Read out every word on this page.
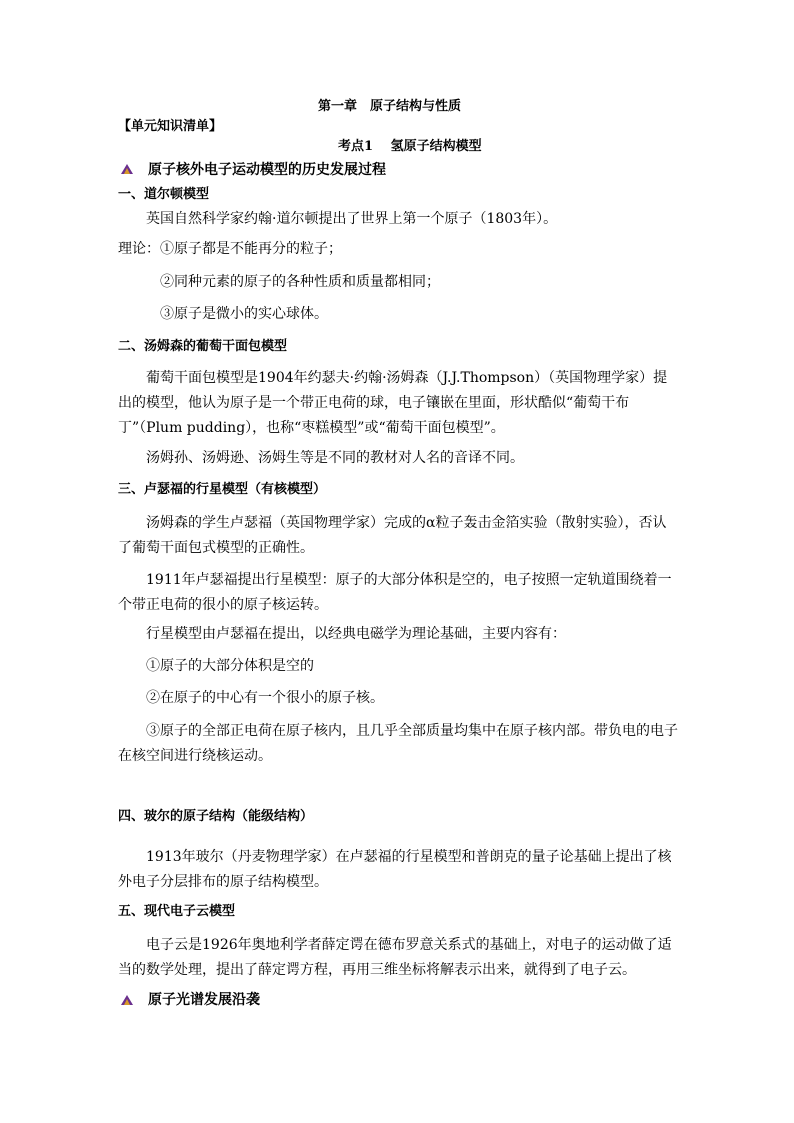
第一章　原子结构与性质
【单元知识清单】
考点1　 氢原子结构模型
原子核外电子运动模型的历史发展过程
一、道尔顿模型
英国自然科学家约翰·道尔顿提出了世界上第一个原子（1803年）。
理论： ①原子都是不能再分的粒子；
②同种元素的原子的各种性质和质量都相同；
③原子是微小的实心球体。
二、汤姆森的葡萄干面包模型
葡萄干面包模型是1904年约瑟夫·约翰·汤姆森（J.J.Thompson）（英国物理学家）提出的模型，他认为原子是一个带正电荷的球，电子镶嵌在里面，形状酷似“葡萄干布丁”（Plum pudding），也称“枣糕模型”或“葡萄干面包模型”。
汤姆孙、汤姆逊、汤姆生等是不同的教材对人名的音译不同。
三、卢瑟福的行星模型（有核模型）
汤姆森的学生卢瑟福（英国物理学家）完成的α粒子轰击金箔实验（散射实验），否认了葡萄干面包式模型的正确性。
1911年卢瑟福提出行星模型：原子的大部分体积是空的，电子按照一定轨道围绕着一个带正电荷的很小的原子核运转。
行星模型由卢瑟福在提出，以经典电磁学为理论基础，主要内容有：
①原子的大部分体积是空的
②在原子的中心有一个很小的原子核。
③原子的全部正电荷在原子核内，且几乎全部质量均集中在原子核内部。带负电的电子在核空间进行绕核运动。
四、玻尔的原子结构（能级结构）
1913年玻尔（丹麦物理学家）在卢瑟福的行星模型和普朗克的量子论基础上提出了核外电子分层排布的原子结构模型。
五、现代电子云模型
电子云是1926年奥地利学者薛定谔在德布罗意关系式的基础上，对电子的运动做了适当的数学处理，提出了薛定谔方程，再用三维坐标将解表示出来，就得到了电子云。
原子光谱发展沿袭
